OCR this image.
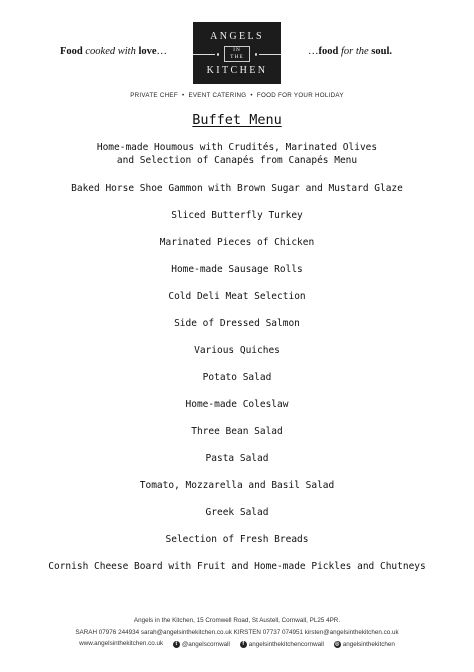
Food cooked with love…
ANGELS
IN THE
KITCHEN
…food for the soul.
PRIVATE CHEF  •  EVENT CATERING  •  FOOD FOR YOUR HOLIDAY
Buffet Menu
Home-made Houmous with Crudités, Marinated Olives
and Selection of Canapés from Canapés Menu
Baked Horse Shoe Gammon with Brown Sugar and Mustard Glaze
Sliced Butterfly Turkey
Marinated Pieces of Chicken
Home-made Sausage Rolls
Cold Deli Meat Selection
Side of Dressed Salmon
Various Quiches
Potato Salad
Home-made Coleslaw
Three Bean Salad
Pasta Salad
Tomato, Mozzarella and Basil Salad
Greek Salad
Selection of Fresh Breads
Cornish Cheese Board with Fruit and Home-made Pickles and Chutneys
Angels in the Kitchen, 15 Cromwell Road, St Austell, Cornwall, PL25 4PR.
SARAH 07976 244934 sarah@angelsinthekitchen.co.uk KIRSTEN 07737 074951 kirsten@angelsinthekitchen.co.uk
www.angelsinthekitchen.co.uk	t @angelscornwall
	f angelsinthekitchencornwall
◎ angelsinthekitchen
